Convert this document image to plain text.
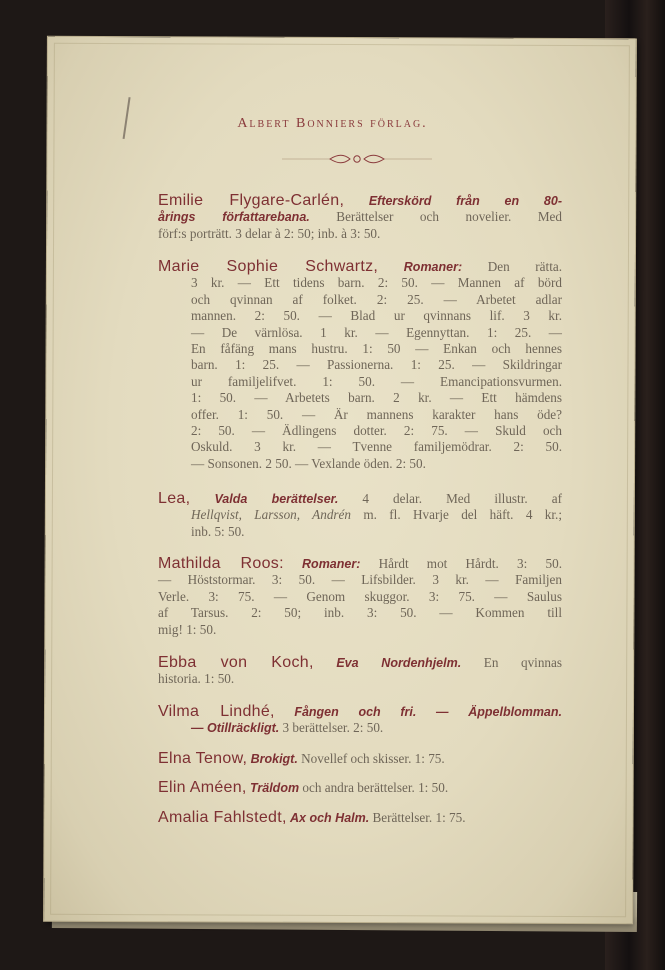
Albert Bonniers förlag.
Emilie Flygare-Carlén, Efterskörd från en 80-
årings författarebana. Berättelser och novelier. Med
förf:s porträtt. 3 delar à 2: 50; inb. à 3: 50.
Marie Sophie Schwartz, Romaner: Den rätta.
3 kr. — Ett tidens barn. 2: 50. — Mannen af börd
och qvinnan af folket. 2: 25. — Arbetet adlar
mannen. 2: 50. — Blad ur qvinnans lif. 3 kr.
— De värnlösa. 1 kr. — Egennyttan. 1: 25. —
En fåfäng mans hustru. 1: 50 — Enkan och hennes
barn. 1: 25. — Passionerna. 1: 25. — Skildringar
ur familjelifvet. 1: 50. — Emancipationsvurmen.
1: 50. — Arbetets barn. 2 kr. — Ett hämdens
offer. 1: 50. — Är mannens karakter hans öde?
2: 50. — Ädlingens dotter. 2: 75. — Skuld och
Oskuld. 3 kr. — Tvenne familjemödrar. 2: 50.
— Sonsonen. 2 50. — Vexlande öden. 2: 50.
Lea, Valda berättelser. 4 delar. Med illustr. af
Hellqvist, Larsson, Andrén m. fl. Hvarje del häft. 4 kr.;
inb. 5: 50.
Mathilda Roos: Romaner: Hårdt mot Hårdt. 3: 50.
— Höststormar. 3: 50. — Lifsbilder. 3 kr. — Familjen
Verle. 3: 75. — Genom skuggor. 3: 75. — Saulus
af Tarsus. 2: 50; inb. 3: 50. — Kommen till
mig! 1: 50.
Ebba von Koch, Eva Nordenhjelm. En qvinnas
historia. 1: 50.
Vilma Lindhé, Fången och fri. — Äppelblomman.
— Otillräckligt. 3 berättelser. 2: 50.
Elna Tenow, Brokigt. Novellef och skisser. 1: 75.
Elin Améen, Träldom och andra berättelser. 1: 50.
Amalia Fahlstedt, Ax och Halm. Berättelser. 1: 75.
